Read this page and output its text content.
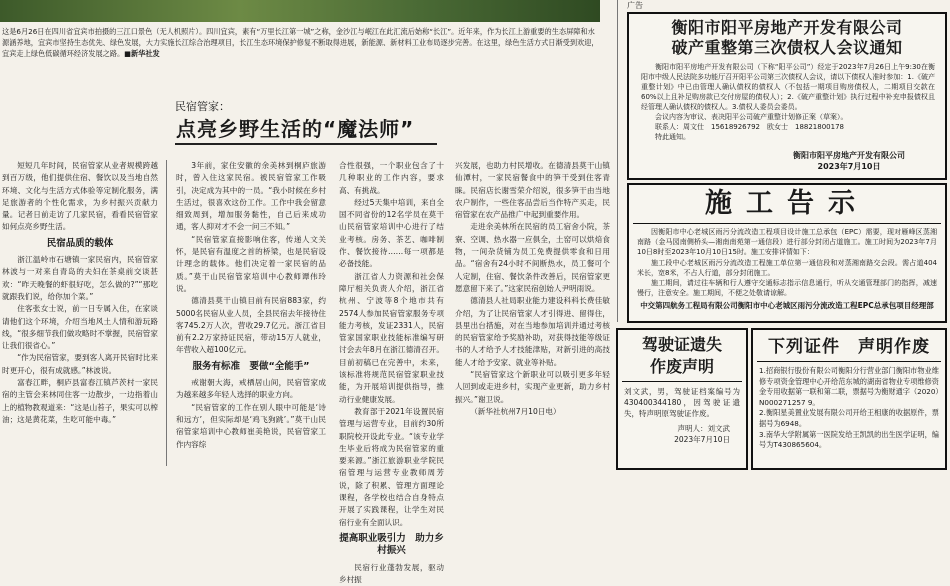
这是6月26日在四川省宜宾市拍摄的三江口景色（无人机照片）。四川宜宾，素有“万里长江第一城”之称，金沙江与岷江在此汇流后始称“长江”。近年来，作为长江上游重要的生态屏障和水源涵养地，宜宾市坚持生态优先、绿色发展，大力实施长江综合治理项目，长江生态环境保护修复不断取得进展，新能源、新材料工业布局逐步完善。在这里，绿色生活方式日渐受到欢迎，宜宾走上绿色低碳循环经济发展之路。■新华社发
民宿管家：
点亮乡野生活的“魔法师”

短短几年时间，民宿管家从业者规模跨越到百万级，他们提供住宿、餐饮以及当地自然环境、文化与生活方式体验等定制化服务，满足旅游者的个性化需求，为乡村振兴贡献力量。记者日前走访了几家民宿，看看民宿管家如何点亮乡野生活。

民宿品质的载体

浙江温岭市石塘镇一家民宿内，民宿管家林波与一对来自青岛的夫妇在茶桌前交谈甚欢：“昨天晚餐的虾很好吃，怎么做的?”“那吃就跟我们说，给你加个菜。”

住客张女士说，前一日专属入住，在家谈请他们这个环境，介绍当地风土人情和游玩路线，“很多细节我们做攻略时不掌握，民宿管家让我们很省心。”

“作为民宿管家，要到客人离开民宿时比来时更开心，很有成就感。”林波说。

富春江畔，桐庐县富春江镇芦茨村一家民宿的主管会来林同住客一边散步，一边指着山上的植物教观道来：“这是山苔子，果实可以榨油；这是黄花菜，生吃可能中毒。”

3年前，家住安徽的余美林到桐庐旅游时，曾入住这家民宿。被民宿管家工作吸引，决定成为其中的一员。“我小时候在乡村生活过，很喜欢这份工作。工作中我会留意细致周到，增加服务黏性，自己后来成功通，客人抑对才不会一问三不知。”

“民宿管家直接影响住客，传递人文关怀，是民宿有温度之首的桥梁，也是民宿设计理念的载体。他们决定着一家民宿的品质。”莫干山民宿管家培训中心教师谭伟玲说。

德清县莫干山镇目前有民宿883家，约5000名民宿从业人员，全县民宿去年接待住客745.2万人次，营收29.7亿元。浙江省目前有2.2万家持证民宿，带动15万人就业，年营收入超100亿元。

服务有标准　要做“全能手”

戒谢朝大海，戒栖居山间，民宿管家成为越来越多年轻人选择的职业方向。

“民宿管家的工作在别人眼中可能是‘诗和远方’，但实际却是‘鸡飞狗跳’。”莫干山民宿管家培训中心教师崔美艳说，民宿管家工作内容综

合性很强，一个职业包含了十几种职业的工作内容，要求高、有挑战。

经过5天集中培训，来自全国不同省份的12名学员在莫干山民宿管家培训中心进行了结业考核。房务、茶艺、咖啡制作、餐饮接待……每一项都是必备技能。

浙江省人力资源和社会保障厅相关负责人介绍，浙江省杭州、宁波等8个地市共有2574人参加民宿管家服务专项能力考核，发证2331人，民宿管家国家职业技能标准编写研讨会去年8月在浙江德清召开。目前初稿已在完善中，未来，该标准将规范民宿管家职业技能，为开展培训提供指导，推动行业健康发展。

教育部于2021年设置民宿管理与运营专业，目前约30所职院校开设此专业。“该专业学生毕业后将成为民宿管家的重要来源。”浙江旅游职业学院民宿管理与运营专业教师周芳说，除了积累、管理方面理论课程，各学校也结合自身特点开展了实践课程，让学生对民宿行业有全面认识。

提高职业吸引力　助力乡村振兴

民宿行业蓬勃发展，驱动乡村振

兴发展，也助力村民增收。在德清县莫干山镇仙潭村，一家民宿餐食中的笋干受到住客青睐。民宿店长谢雪荣介绍说，很多笋干由当地农户制作，一些住客品尝后当作特产买走，民宿管家在农产品推广中起到重要作用。

走进余美林所在民宿的员工宿舍小院，茶寮、空调、热水器一应俱全，土窑可以烘焙食物，一间杂货铺为员工免费提供零食和日用品。“宿舍有24小时不间断热水，员工餐可个人定制，住宿、餐饮条件改善后，民宿管家更愿意留下来了。”这家民宿创始人尹明雨说。

德清县人社局职业能力建设科科长费佳敏介绍，为了让民宿管家人才引得进、留得住，县里出台措施，对在当地参加培训并通过考核的民宿管家给予奖励补助，对获得技能等级证书的人才给予人才技能津贴，对新引进的高技能人才给予安家、就业等补贴。

“民宿管家这个新职业可以吸引更多年轻人回到或走进乡村，实现产业更新，助力乡村振兴。”谢卫说。

（新华社杭州7月10日电）

广告
衡阳市阳平房地产开发有限公司
破产重整第三次债权人会议通知

衡阳市阳平房地产开发有限公司（下称“阳平公司”）经定于2023年7月26日上午9:30在衡阳市中级人民法院多功能厅召开阳平公司第三次债权人会议，请以下债权人准时参加：1.《破产重整计划》中已由管理人确认债权的债权人（不包括一期项目购房债权人，二期项目交款在60%以上且补足购房款已交付房屋的债权人）；2.《破产重整计划》执行过程中补充申报债权且经管理人确认债权的债权人。3.债权人委员会委员。

会议内容为审议、表决阳平公司破产重整计划修正案（草案）。

联系人：周文仕　15618926792　欧女士　18821800178

特此通知。

衡阳市阳平房地产开发有限公司
2023年7月10日
施工告示

因衡阳市中心老城区雨污分流改造工程项目设计施工总承包（EPC）需要，现对雁峰区蒸湘南路（金马园南侧桥头—湘南南苑第一通信段）进行部分封闭占道施工。施工时间为2023年7月10日8时至2023年10月10日15时。施工安排详情如下：

施工段中心老城区雨污分流改造工程施工单位第一通信段和对蒸湘南路交会段。需占道404米长，宽8米，不占人行道，部分封闭施工。

施工期间，请过往车辆和行人遵守交通标志指示信息通行，听从交通管理部门的指挥，减速慢行，注意安全。施工期间，不便之处敬请谅解。

中交第四航务工程局有限公司衡阳市中心老城区雨污分流改造工程EPC总承包项目经理部
驾驶证遗失
作废声明
刘文武，男，驾驶证档案编号为430400344180，因驾驶证遗失，特声明原驾驶证作废。
声明人：刘文武
2023年7月10日
下列证件　声明作废

1.招商银行股份有限公司衡阳分行营业部门衡阳市物业维修专项资金管理中心开给范东城的湖南省物业专项维修资金专用收据第一联和第二联，票据号为衡财通字（2020）N000271257 9。

2.衡阳星美置业发展有限公司开给王相康的收据原件，票据号为6948。

3.南华大学附属第一医院发给王凯凯的出生医学证明，编号为T430865604。
